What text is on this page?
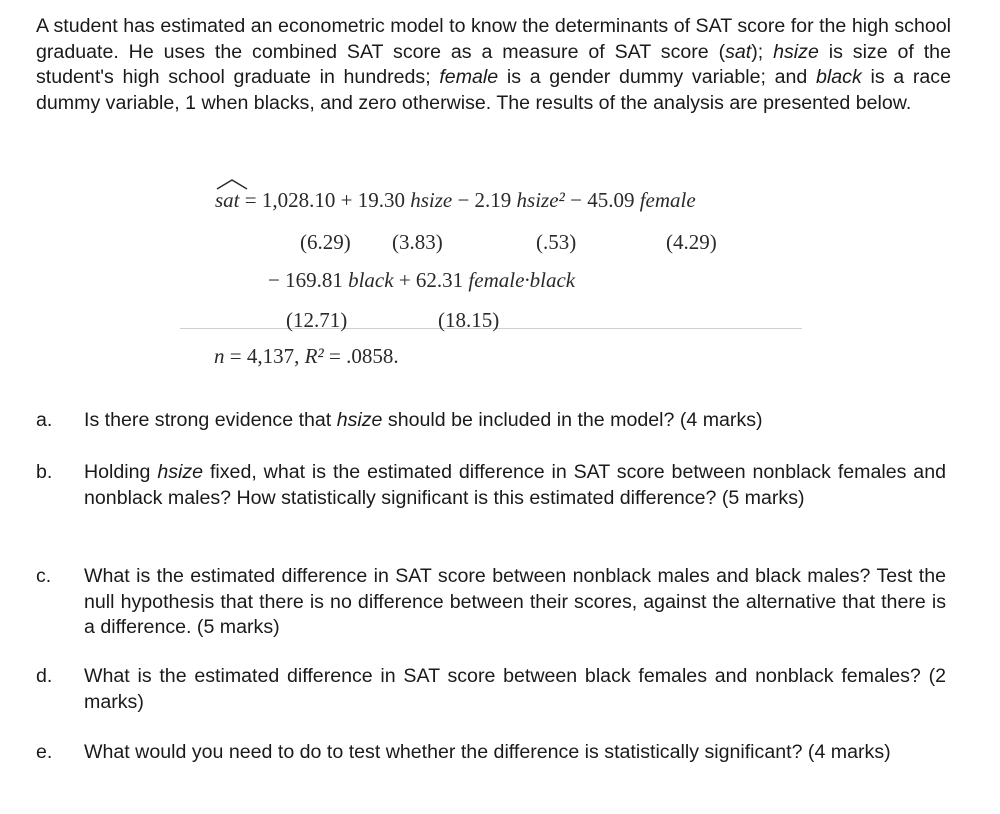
A student has estimated an econometric model to know the determinants of SAT score for the high school graduate. He uses the combined SAT score as a measure of SAT score (sat); hsize is size of the student's high school graduate in hundreds; female is a gender dummy variable; and black is a race dummy variable, 1 when blacks, and zero otherwise. The results of the analysis are presented below.
sat = 1,028.10 + 19.30 hsize − 2.19 hsize² − 45.09 female
(6.29) (3.83)	(.53)	(4.29)
− 169.81 black + 62.31 female·black
(12.71)	(18.15)
n = 4,137, R² = .0858.
a. Is there strong evidence that hsize should be included in the model? (4 marks)
b. Holding hsize fixed, what is the estimated difference in SAT score between nonblack females and nonblack males? How statistically significant is this estimated difference? (5 marks)
c. What is the estimated difference in SAT score between nonblack males and black males? Test the null hypothesis that there is no difference between their scores, against the alternative that there is a difference. (5 marks)
d. What is the estimated difference in SAT score between black females and nonblack females? (2 marks)
e. What would you need to do to test whether the difference is statistically significant? (4 marks)
